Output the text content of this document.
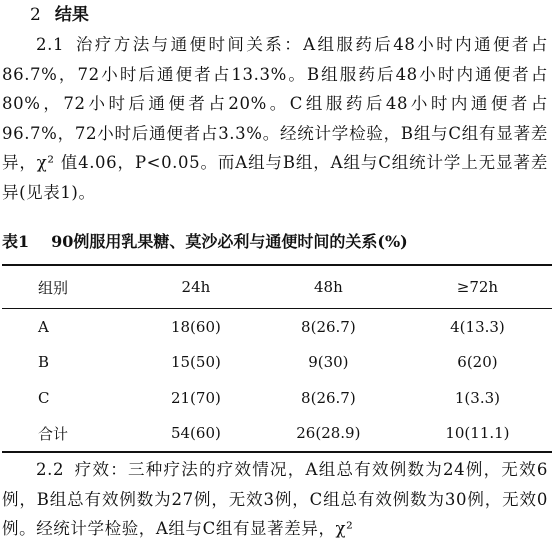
2 结果
2.1 治疗方法与通便时间关系：A组服药后48小时内通便者占86.7%，72小时后通便者占13.3%。B组服药后48小时内通便者占80%，72小时后通便者占20%。C组服药后48小时内通便者占96.7%，72小时后通便者占3.3%。经统计学检验，B组与C组有显著差异，χ² 值4.06，P<0.05。而A组与B组，A组与C组统计学上无显著差异(见表1)。
表1 90例服用乳果糖、莫沙必利与通便时间的关系(%)
组别	24h	48h	≥72h
A	18(60)	8(26.7)	4(13.3)
B	15(50)	9(30)	6(20)
C	21(70)	8(26.7)	1(3.3)
合计	54(60)	26(28.9)	10(11.1)
2.2 疗效：三种疗法的疗效情况，A组总有效例数为24例，无效6例，B组总有效例数为27例，无效3例，C组总有效例数为30例，无效0例。经统计学检验，A组与C组有显著差异，χ²
